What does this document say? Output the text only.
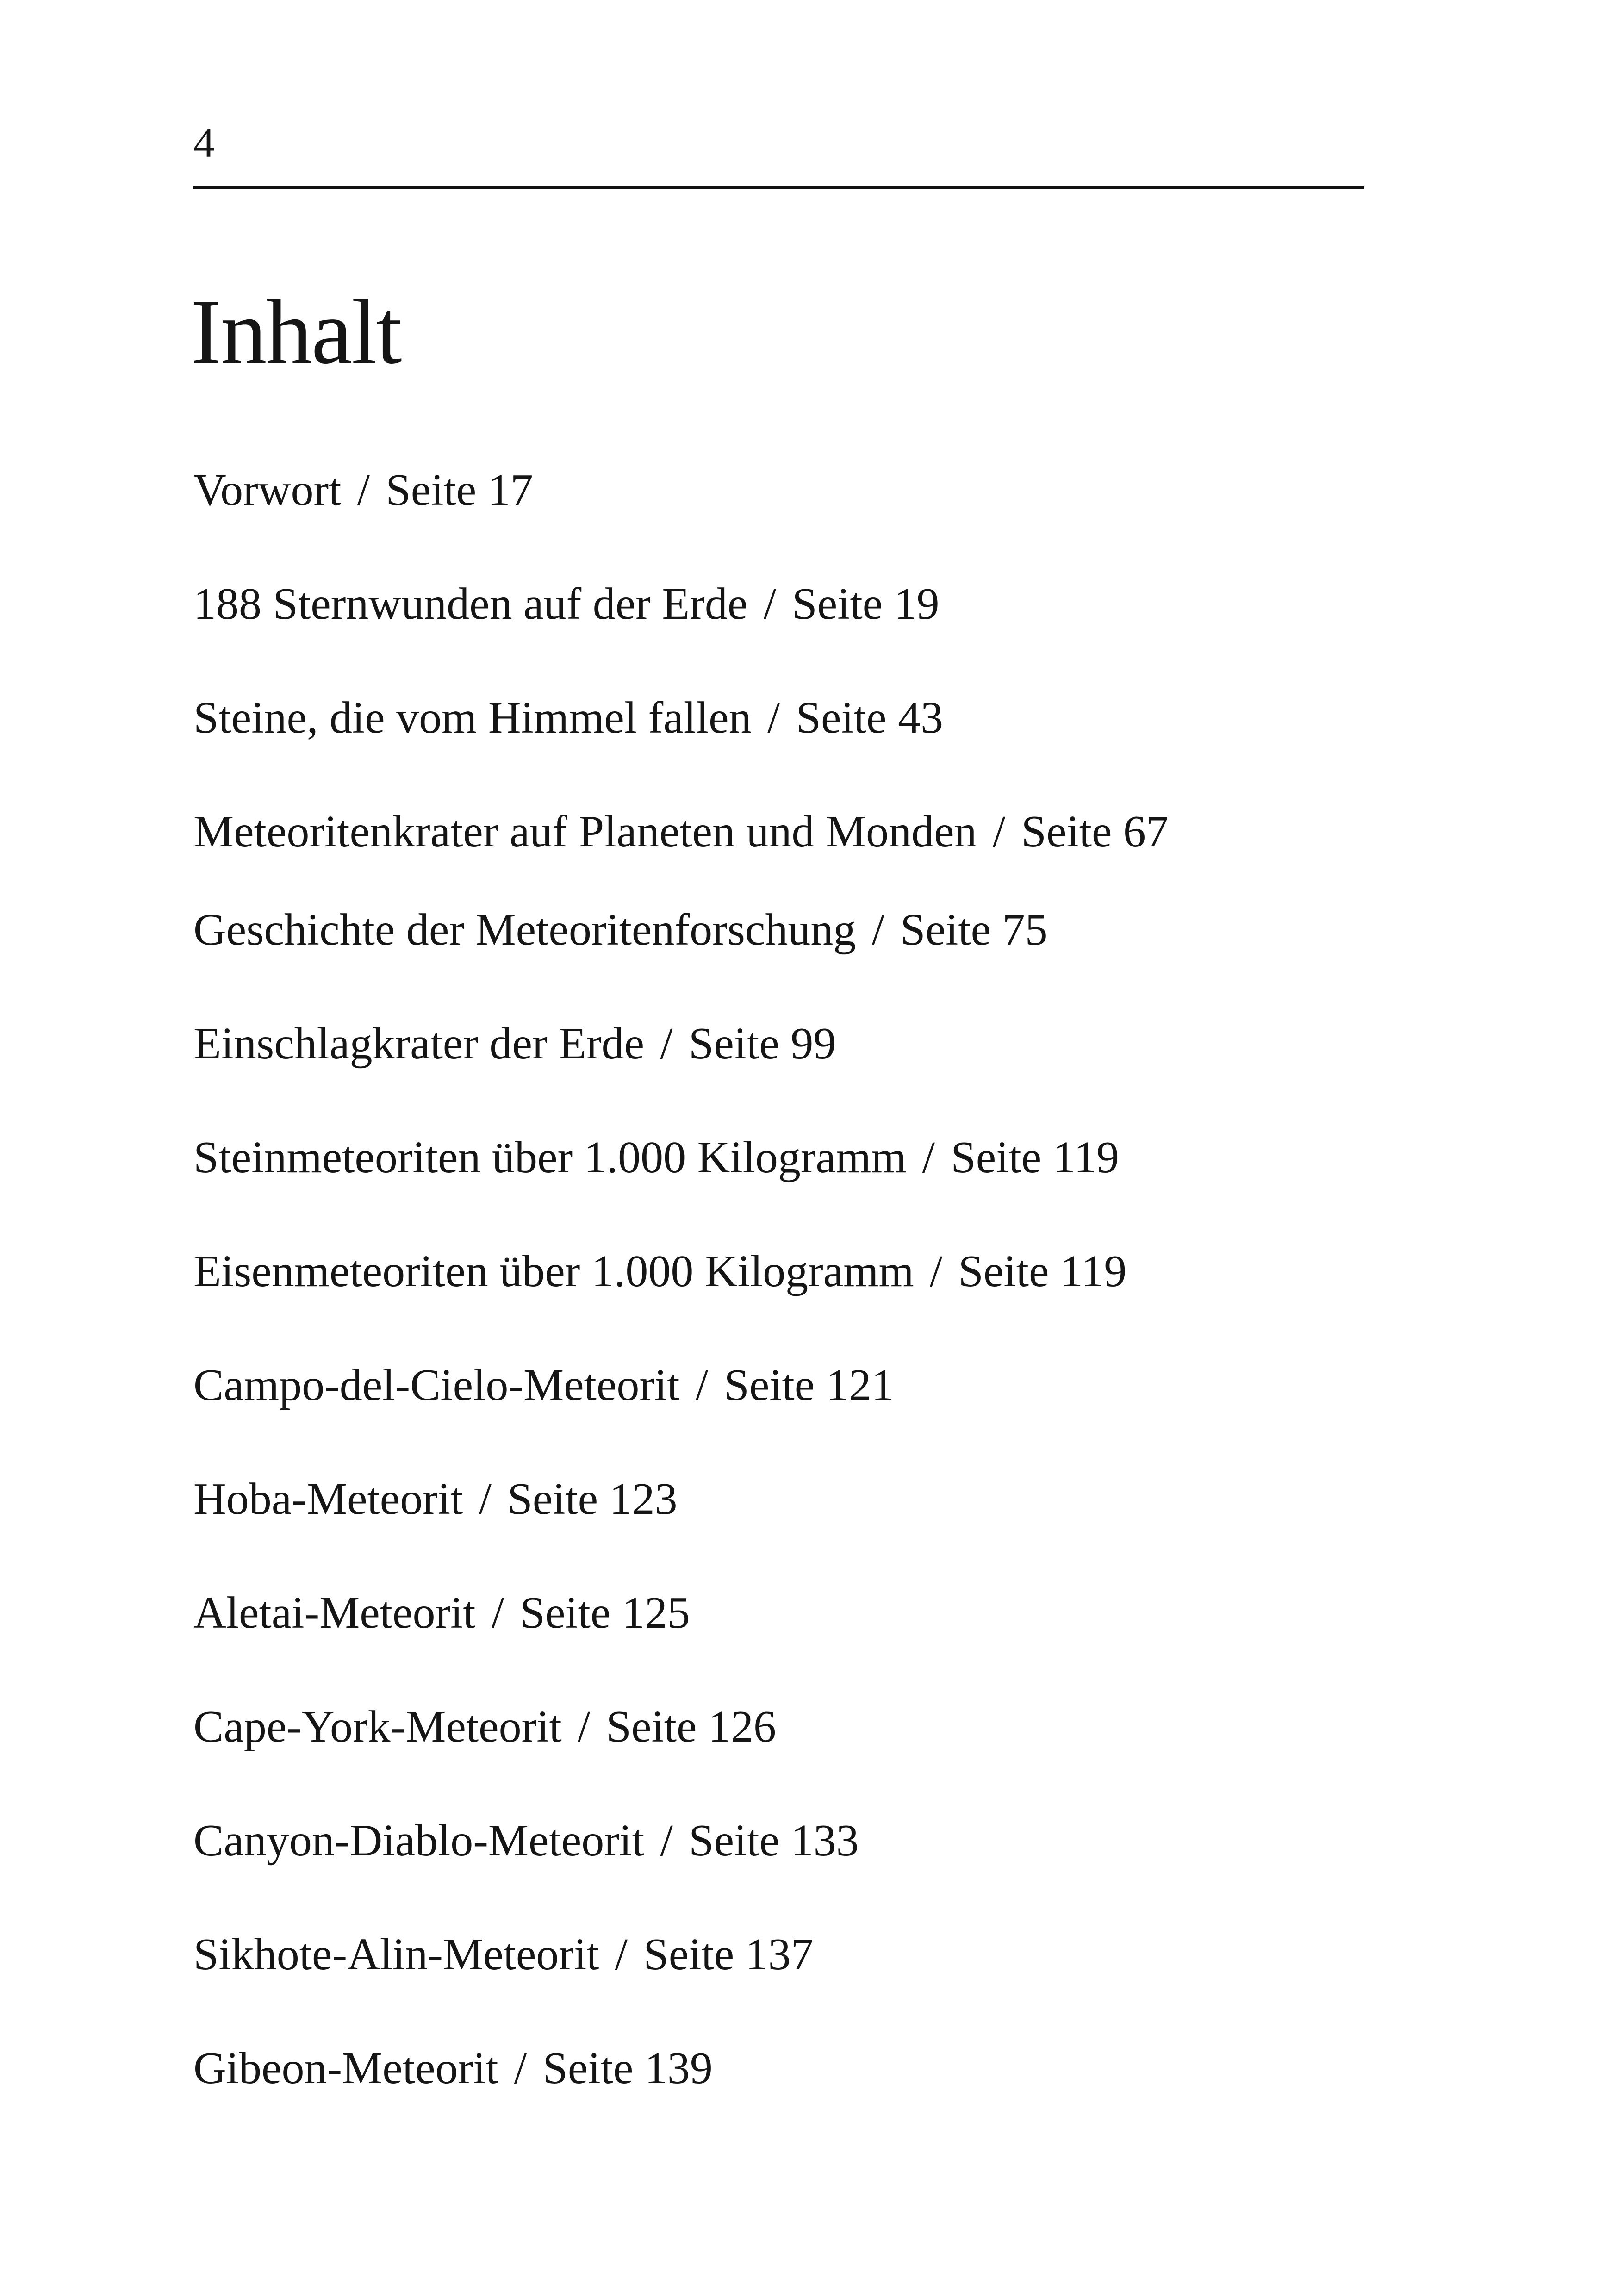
4
Inhalt
Vorwort / Seite 17
188 Sternwunden auf der Erde / Seite 19
Steine, die vom Himmel fallen / Seite 43
Meteoritenkrater auf Planeten und Monden / Seite 67
Geschichte der Meteoritenforschung / Seite 75
Einschlagkrater der Erde / Seite 99
Steinmeteoriten über 1.000 Kilogramm / Seite 119
Eisenmeteoriten über 1.000 Kilogramm / Seite 119
Campo-del-Cielo-Meteorit / Seite 121
Hoba-Meteorit / Seite 123
Aletai-Meteorit / Seite 125
Cape-York-Meteorit / Seite 126
Canyon-Diablo-Meteorit / Seite 133
Sikhote-Alin-Meteorit / Seite 137
Gibeon-Meteorit / Seite 139
